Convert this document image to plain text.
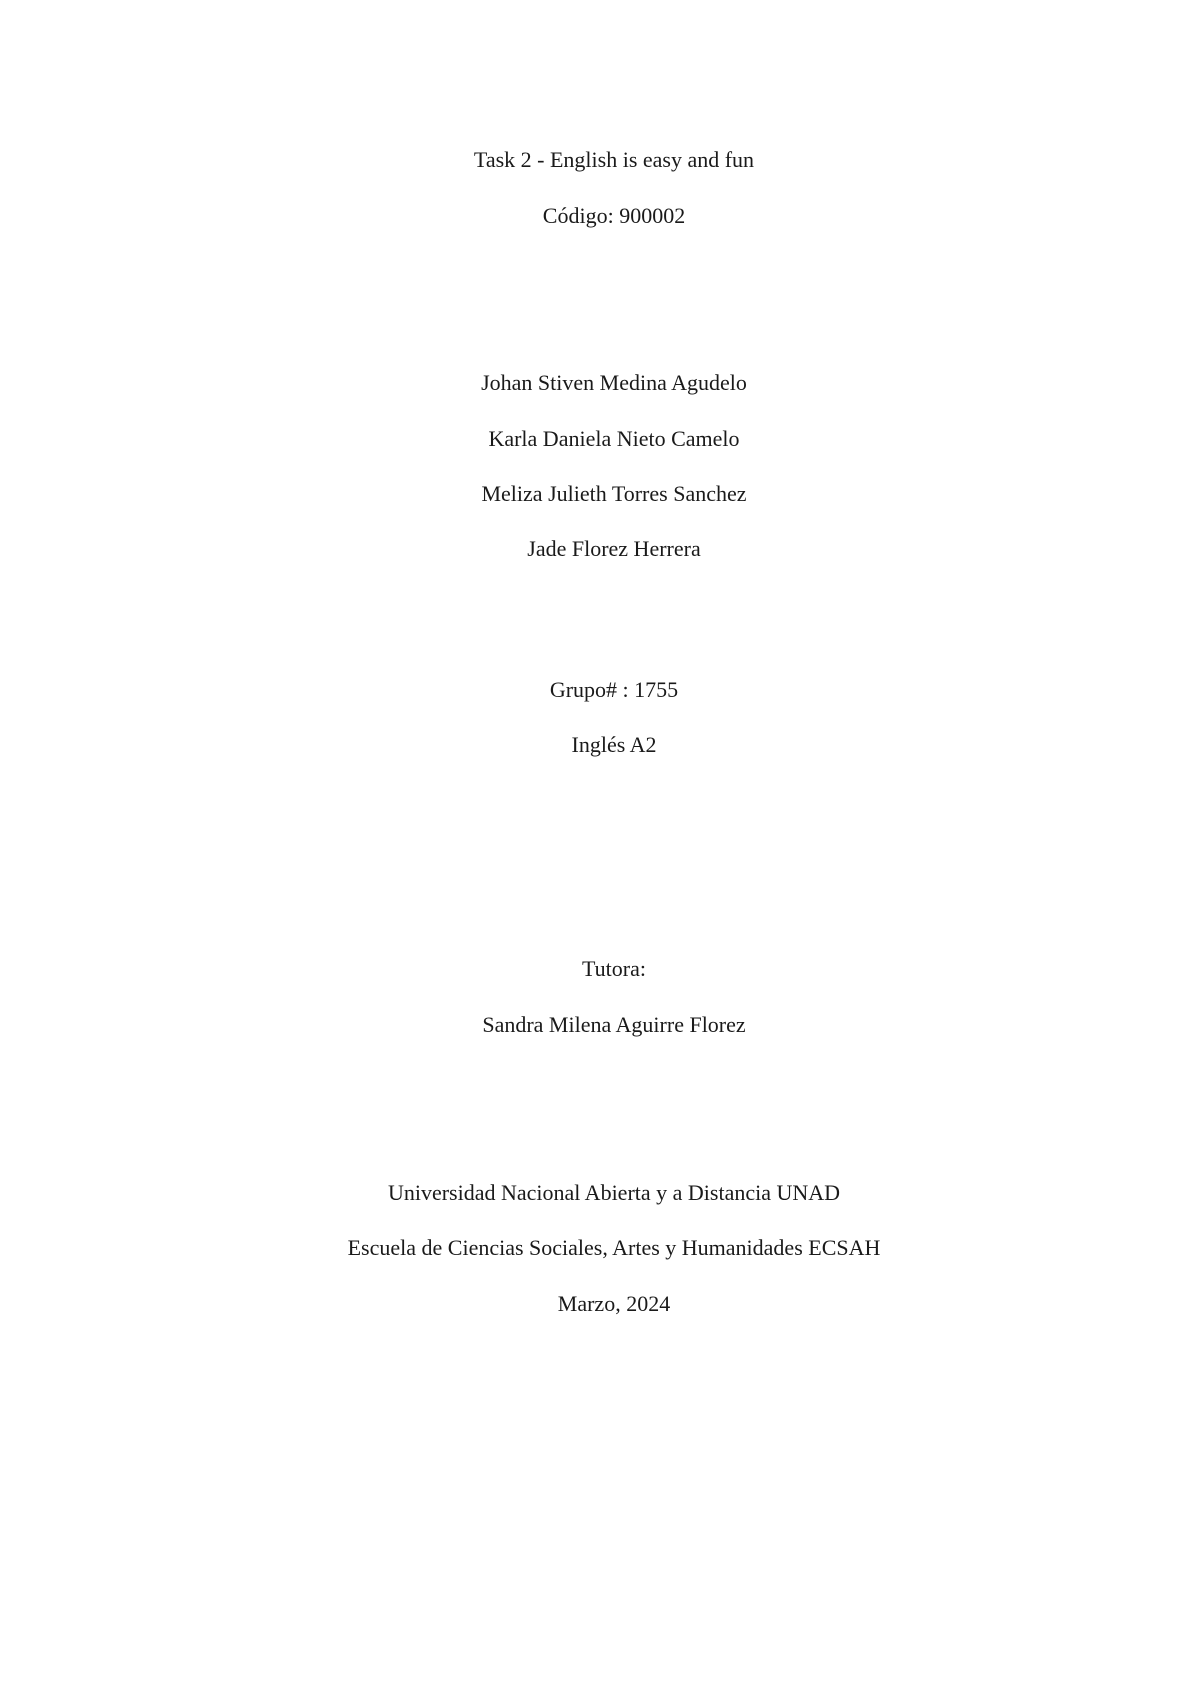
Task 2 - English is easy and fun
Código: 900002
Johan Stiven Medina Agudelo
Karla Daniela Nieto Camelo
Meliza Julieth Torres Sanchez
Jade Florez Herrera
Grupo# : 1755
Inglés A2
Tutora:
Sandra Milena Aguirre Florez
Universidad Nacional Abierta y a Distancia UNAD
Escuela de Ciencias Sociales, Artes y Humanidades ECSAH
Marzo, 2024
